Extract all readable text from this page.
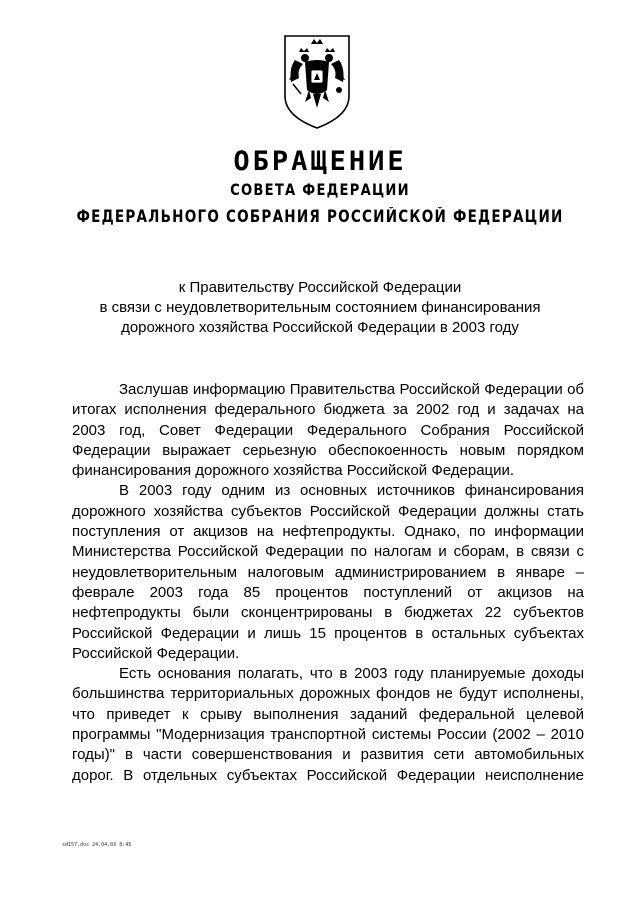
ОБРАЩЕНИЕ
СОВЕТА ФЕДЕРАЦИИ
ФЕДЕРАЛЬНОГО СОБРАНИЯ РОССИЙСКОЙ ФЕДЕРАЦИИ
к Правительству Российской Федерации
в связи с неудовлетворительным состоянием финансирования
дорожного хозяйства Российской Федерации в 2003 году

Заслушав информацию Правительства Российской Федерации об итогах исполнения федерального бюджета за 2002 год и задачах на 2003 год, Совет Федерации Федерального Собрания Российской Федерации выражает серьезную обеспокоенность новым порядком финансирования дорожного хозяйства Российской Федерации.

В 2003 году одним из основных источников финансирования дорожного хозяйства субъектов Российской Федерации должны стать поступления от акцизов на нефтепродукты. Однако, по информации Министерства Российской Федерации по налогам и сборам, в связи с неудовлетворительным налоговым администрированием в январе – феврале 2003 года 85 процентов поступлений от акцизов на нефтепродукты были сконцентрированы в бюджетах 22 субъектов Российской Федерации и лишь 15 процентов в остальных субъектах Российской Федерации.

Есть основания полагать, что в 2003 году планируемые доходы большинства территориальных дорожных фондов не будут исполнены, что приведет к срыву выполнения заданий федеральной целевой программы "Модернизация транспортной системы России (2002 – 2010 годы)" в части совершенствования и развития сети автомобильных дорог. В отдельных субъектах Российской Федерации неисполнение

sd157.doc 24.04.03 8:45
